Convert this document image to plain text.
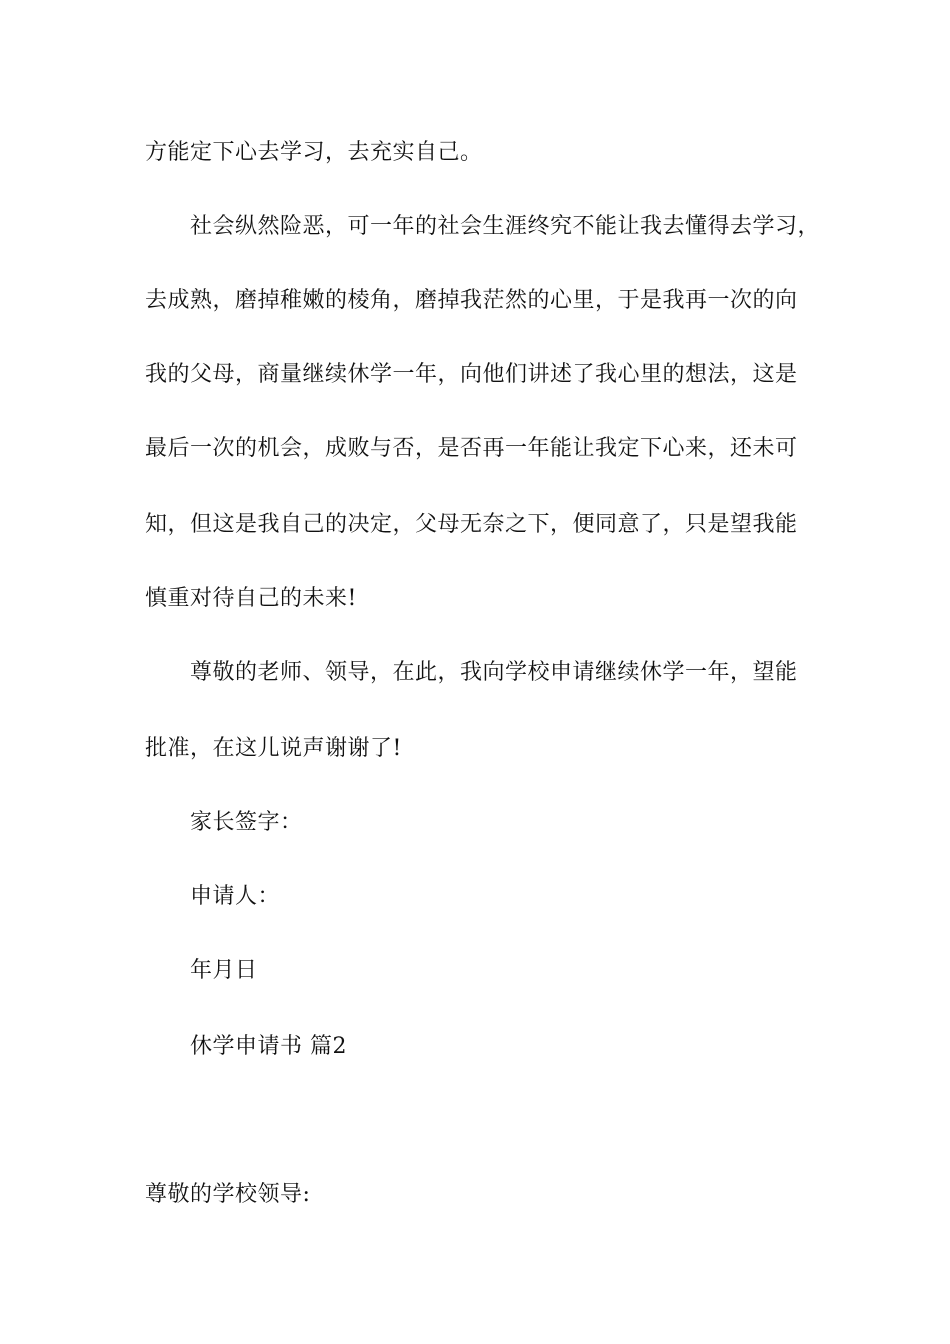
方能定下心去学习，去充实自己。
社会纵然险恶，可一年的社会生涯终究不能让我去懂得去学习，
去成熟，磨掉稚嫩的棱角，磨掉我茫然的心里，于是我再一次的向
我的父母，商量继续休学一年，向他们讲述了我心里的想法，这是
最后一次的机会，成败与否，是否再一年能让我定下心来，还未可
知，但这是我自己的决定，父母无奈之下，便同意了，只是望我能
慎重对待自己的未来!
尊敬的老师、领导，在此，我向学校申请继续休学一年，望能
批准，在这儿说声谢谢了!
家长签字：
申请人：
年月日
休学申请书 篇2
尊敬的学校领导:
